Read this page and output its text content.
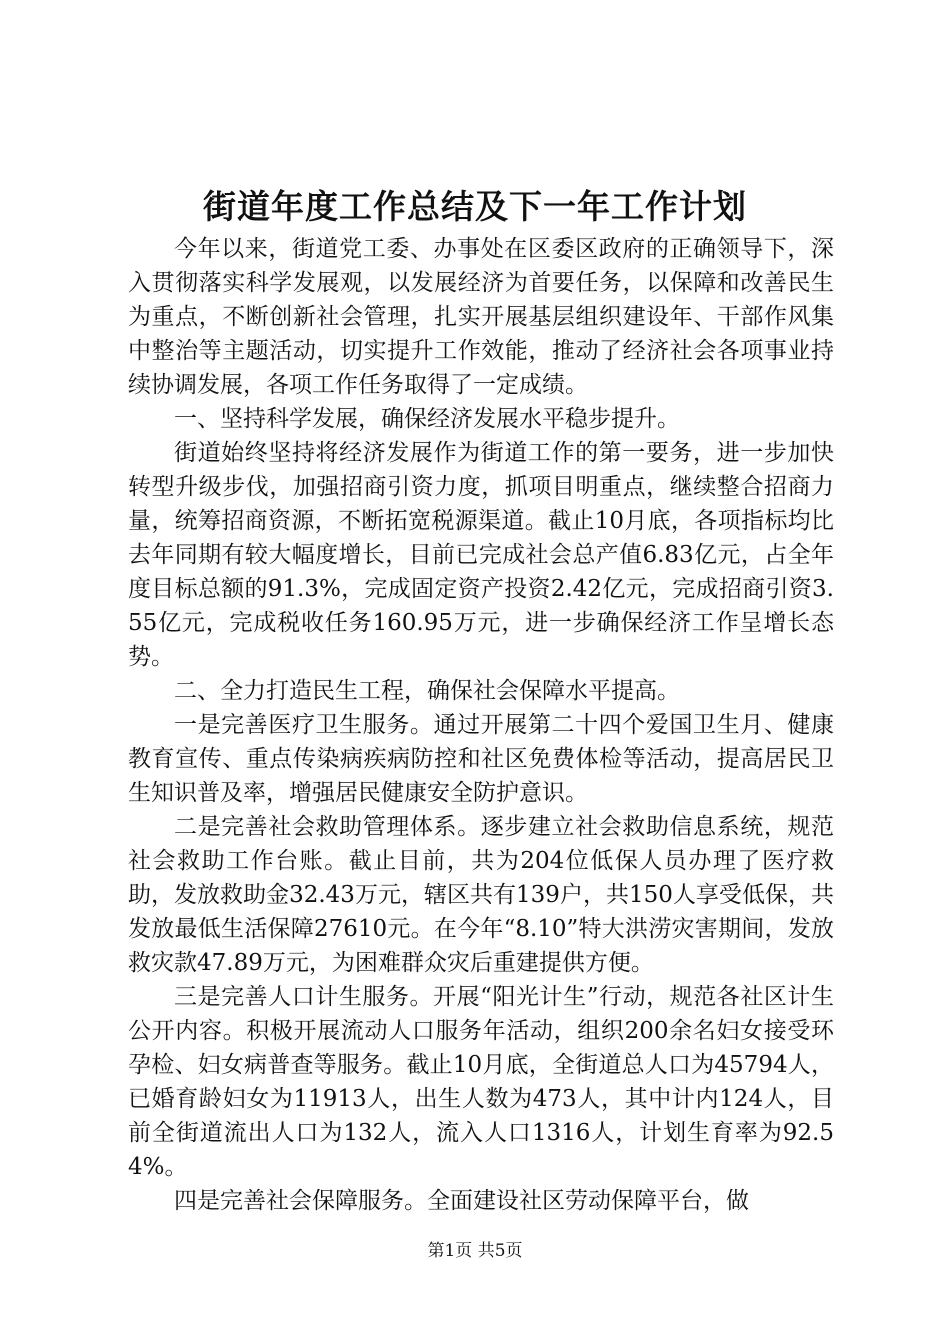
街道年度工作总结及下一年工作计划

今年以来，街道党工委、办事处在区委区政府的正确领导下，深入贯彻落实科学发展观，以发展经济为首要任务，以保障和改善民生为重点，不断创新社会管理，扎实开展基层组织建设年、干部作风集中整治等主题活动，切实提升工作效能，推动了经济社会各项事业持续协调发展，各项工作任务取得了一定成绩。

一、坚持科学发展，确保经济发展水平稳步提升。

街道始终坚持将经济发展作为街道工作的第一要务，进一步加快转型升级步伐，加强招商引资力度，抓项目明重点，继续整合招商力量，统筹招商资源，不断拓宽税源渠道。截止10月底，各项指标均比去年同期有较大幅度增长，目前已完成社会总产值6.83亿元，占全年度目标总额的91.3%，完成固定资产投资2.42亿元，完成招商引资3.55亿元，完成税收任务160.95万元，进一步确保经济工作呈增长态势。

二、全力打造民生工程，确保社会保障水平提高。

一是完善医疗卫生服务。通过开展第二十四个爱国卫生月、健康教育宣传、重点传染病疾病防控和社区免费体检等活动，提高居民卫生知识普及率，增强居民健康安全防护意识。

二是完善社会救助管理体系。逐步建立社会救助信息系统，规范社会救助工作台账。截止目前，共为204位低保人员办理了医疗救助，发放救助金32.43万元，辖区共有139户，共150人享受低保，共发放最低生活保障27610元。在今年“8.10”特大洪涝灾害期间，发放救灾款47.89万元，为困难群众灾后重建提供方便。

三是完善人口计生服务。开展“阳光计生”行动，规范各社区计生公开内容。积极开展流动人口服务年活动，组织200余名妇女接受环孕检、妇女病普查等服务。截止10月底，全街道总人口为45794人，已婚育龄妇女为11913人，出生人数为473人，其中计内124人，目前全街道流出人口为132人，流入人口1316人，计划生育率为92.54%。

四是完善社会保障服务。全面建设社区劳动保障平台，做

第1页 共5页
